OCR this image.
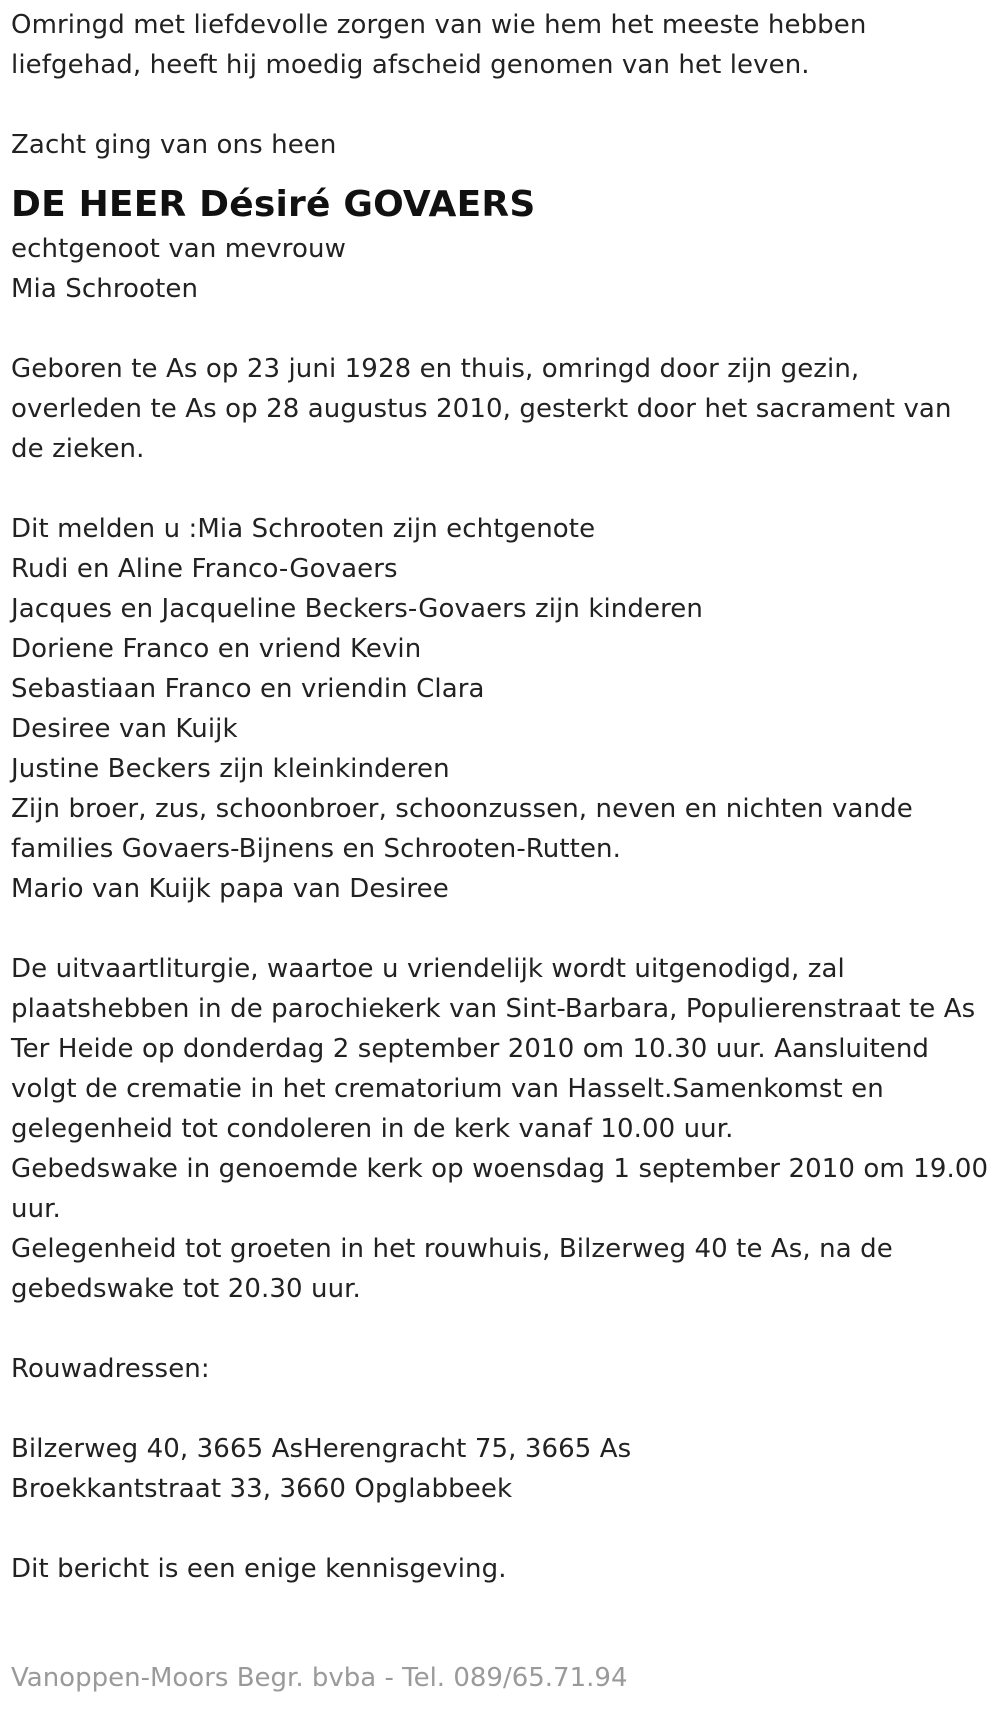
Omringd met liefdevolle zorgen van wie hem het meeste hebben
liefgehad, heeft hij moedig afscheid genomen van het leven.
Zacht ging van ons heen
DE HEER Désiré GOVAERS
echtgenoot van mevrouw
Mia Schrooten
Geboren te As op 23 juni 1928 en thuis, omringd door zijn gezin,
overleden te As op 28 augustus 2010, gesterkt door het sacrament van
de zieken.
Dit melden u :Mia Schrooten zijn echtgenote
Rudi en Aline Franco-Govaers
Jacques en Jacqueline Beckers-Govaers zijn kinderen
Doriene Franco en vriend Kevin
Sebastiaan Franco en vriendin Clara
Desiree van Kuijk
Justine Beckers zijn kleinkinderen
Zijn broer, zus, schoonbroer, schoonzussen, neven en nichten vande
families Govaers-Bijnens en Schrooten-Rutten.
Mario van Kuijk papa van Desiree
De uitvaartliturgie, waartoe u vriendelijk wordt uitgenodigd, zal
plaatshebben in de parochiekerk van Sint-Barbara, Populierenstraat te As
Ter Heide op donderdag 2 september 2010 om 10.30 uur. Aansluitend
volgt de crematie in het crematorium van Hasselt.Samenkomst en
gelegenheid tot condoleren in de kerk vanaf 10.00 uur.
Gebedswake in genoemde kerk op woensdag 1 september 2010 om 19.00
uur.
Gelegenheid tot groeten in het rouwhuis, Bilzerweg 40 te As, na de
gebedswake tot 20.30 uur.
Rouwadressen:
Bilzerweg 40, 3665 AsHerengracht 75, 3665 As
Broekkantstraat 33, 3660 Opglabbeek
Dit bericht is een enige kennisgeving.
Vanoppen-Moors Begr. bvba - Tel. 089/65.71.94
